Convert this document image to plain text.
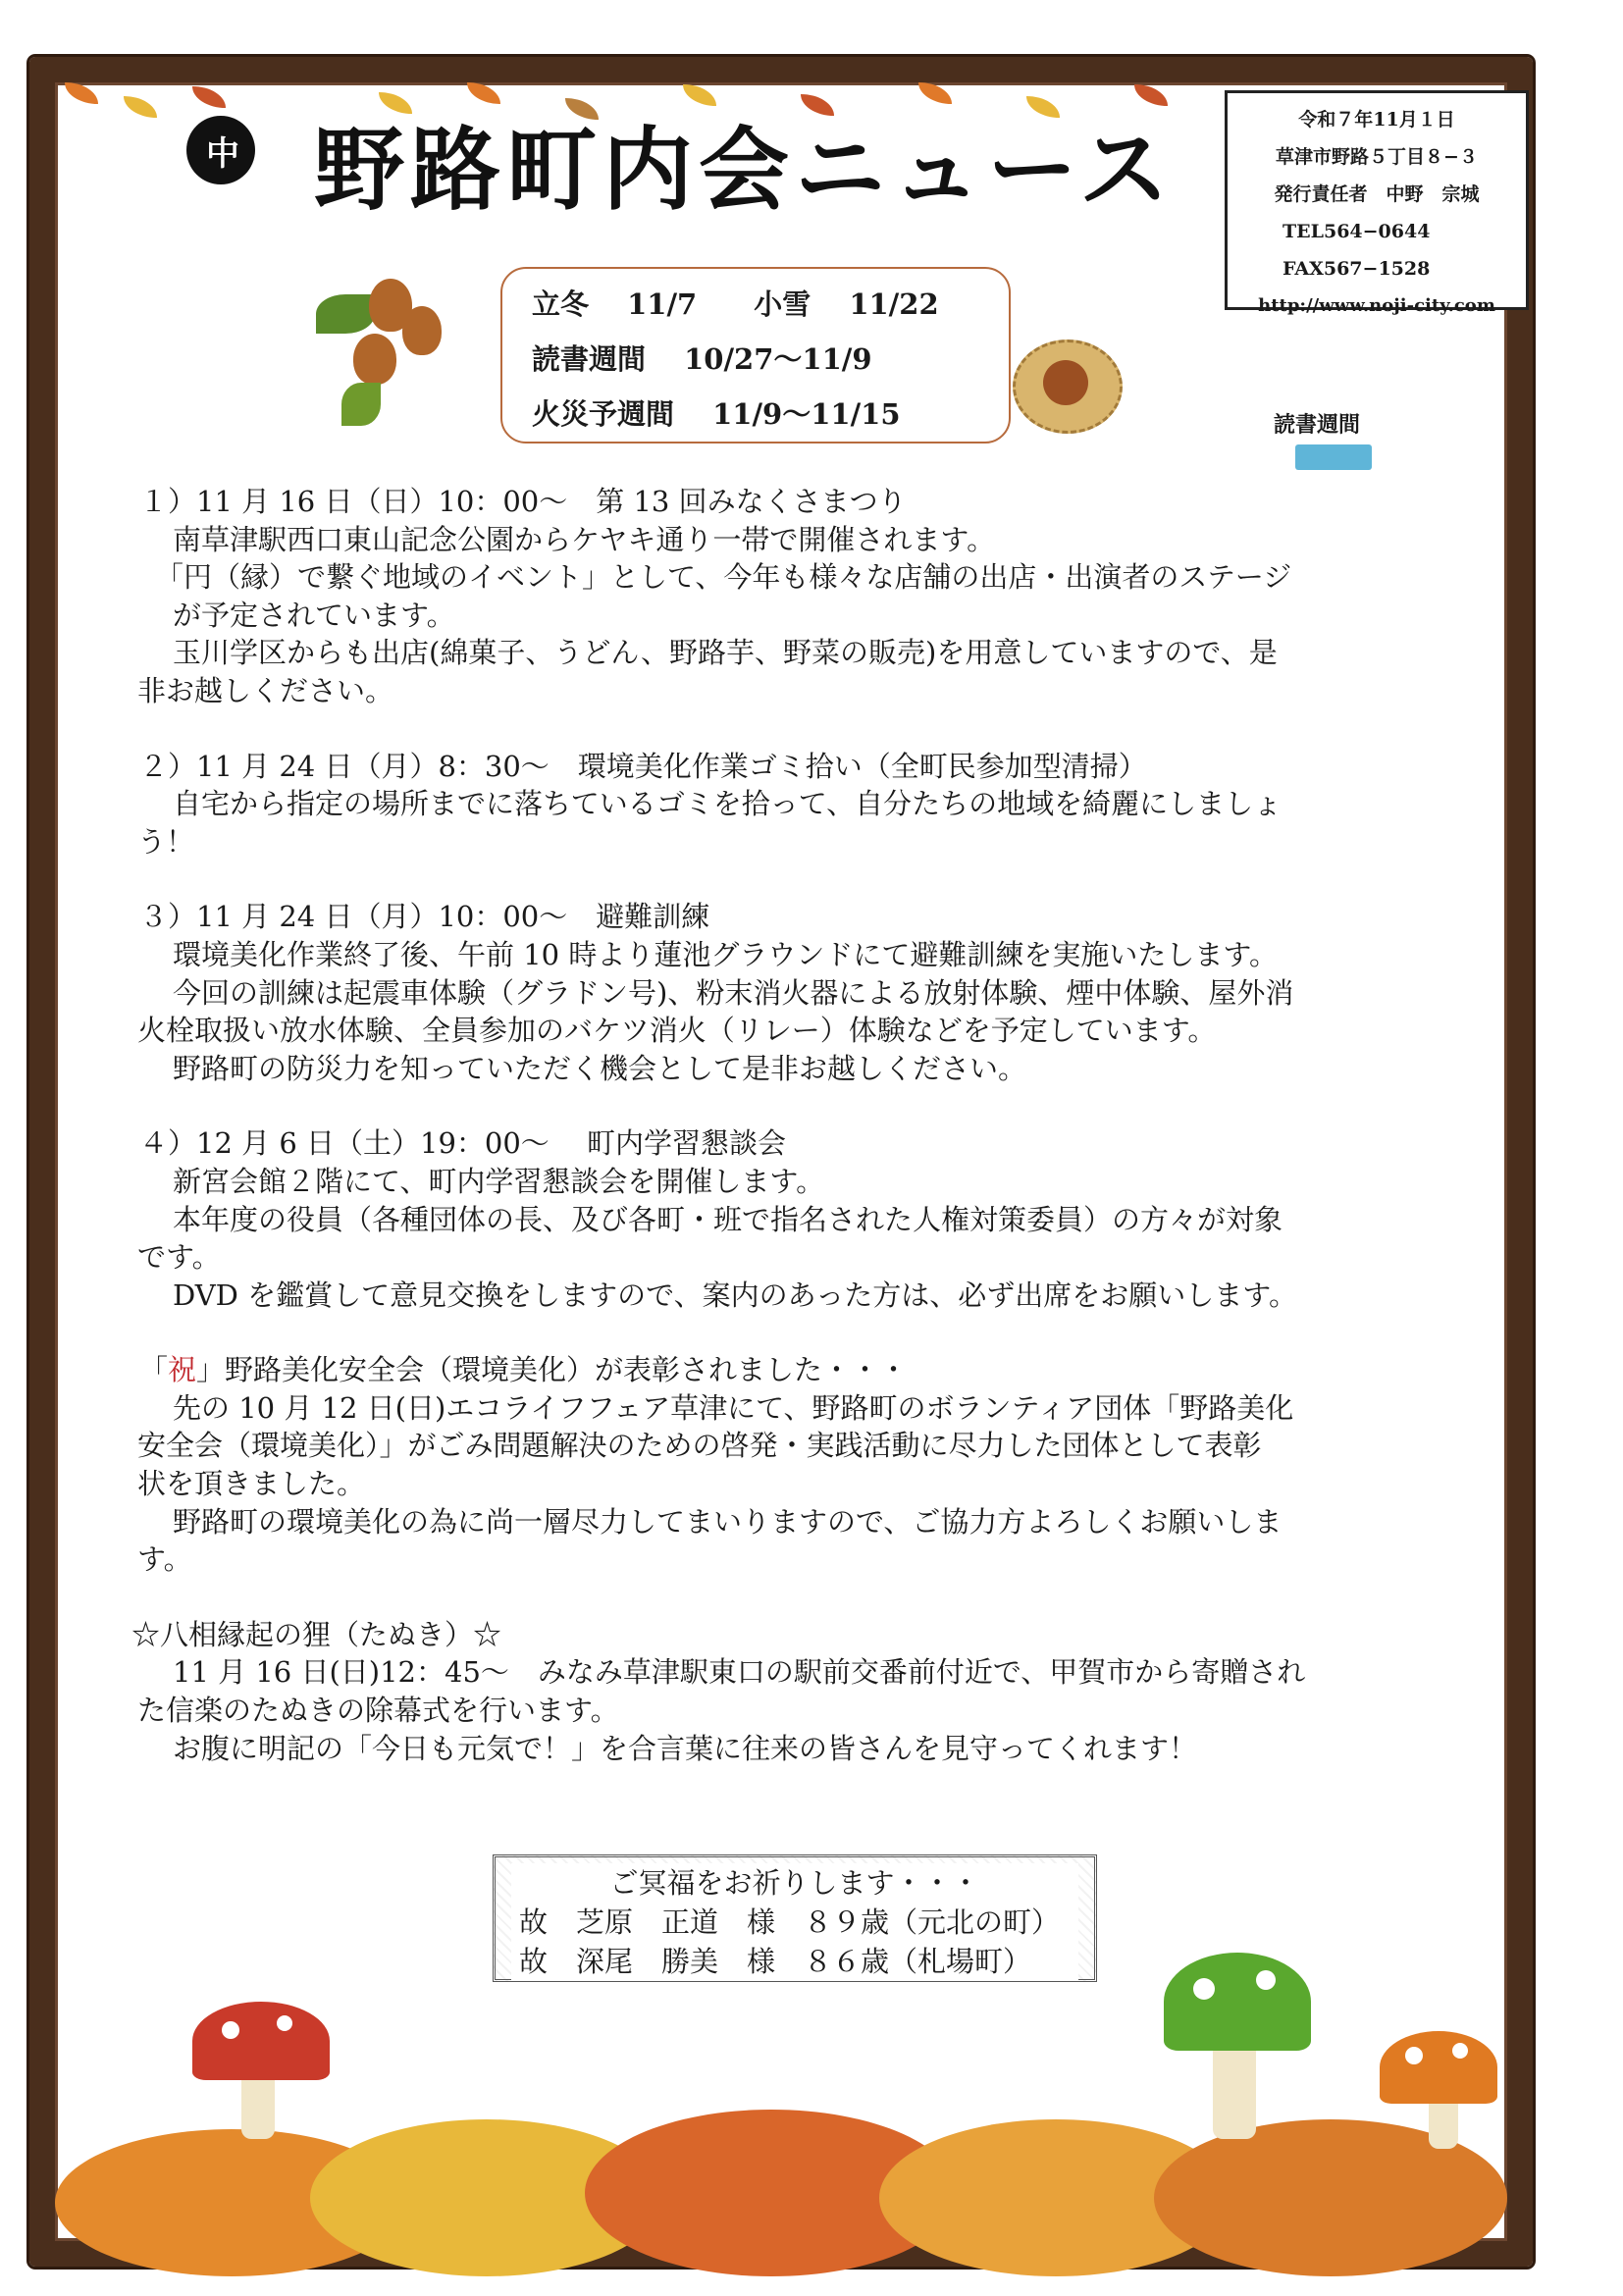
中 野路町内会ニュース	令和７年11月１日
草津市野路５丁目８−３
発行責任者　中野　宗城
TEL564−0644
FAX567−1528
http://www.noji-city.com
立冬　 11/7　　小雪　 11/22
読書週間　 10/27〜11/9
火災予週間　 11/9〜11/15	読書週間

１）11 月 16 日（日）10：00〜　第 13 回みなくさまつり

南草津駅西口東山記念公園からケヤキ通り一帯で開催されます。

「円（縁）で繋ぐ地域のイベント」として、今年も様々な店舗の出店・出演者のステージ

が予定されています。

玉川学区からも出店(綿菓子、うどん、野路芋、野菜の販売)を用意していますので、是

非お越しください。

２）11 月 24 日（月）8：30〜　環境美化作業ゴミ拾い（全町民参加型清掃）

自宅から指定の場所までに落ちているゴミを拾って、自分たちの地域を綺麗にしましょ

う！

３）11 月 24 日（月）10：00〜　避難訓練

環境美化作業終了後、午前 10 時より蓮池グラウンドにて避難訓練を実施いたします。

今回の訓練は起震車体験（グラドン号)、粉末消火器による放射体験、煙中体験、屋外消

火栓取扱い放水体験、全員参加のバケツ消火（リレー）体験などを予定しています。

野路町の防災力を知っていただく機会として是非お越しください。

４）12 月 6 日（土）19：00〜　 町内学習懇談会

新宮会館２階にて、町内学習懇談会を開催します。

本年度の役員（各種団体の長、及び各町・班で指名された人権対策委員）の方々が対象

です。

DVD を鑑賞して意見交換をしますので、案内のあった方は、必ず出席をお願いします。

「祝」野路美化安全会（環境美化）が表彰されました・・・

先の 10 月 12 日(日)エコライフフェア草津にて、野路町のボランティア団体「野路美化

安全会（環境美化）」がごみ問題解決のための啓発・実践活動に尽力した団体として表彰

状を頂きました。

野路町の環境美化の為に尚一層尽力してまいりますので、ご協力方よろしくお願いしま

す。

☆八相縁起の狸（たぬき）☆

11 月 16 日(日)12：45〜　みなみ草津駅東口の駅前交番前付近で、甲賀市から寄贈され

た信楽のたぬきの除幕式を行います。

お腹に明記の「今日も元気で！」を合言葉に往来の皆さんを見守ってくれます！

ご冥福をお祈りします・・・
故　芝原　正道　様　８９歳（元北の町）
故　深尾　勝美　様　８６歳（札場町）
